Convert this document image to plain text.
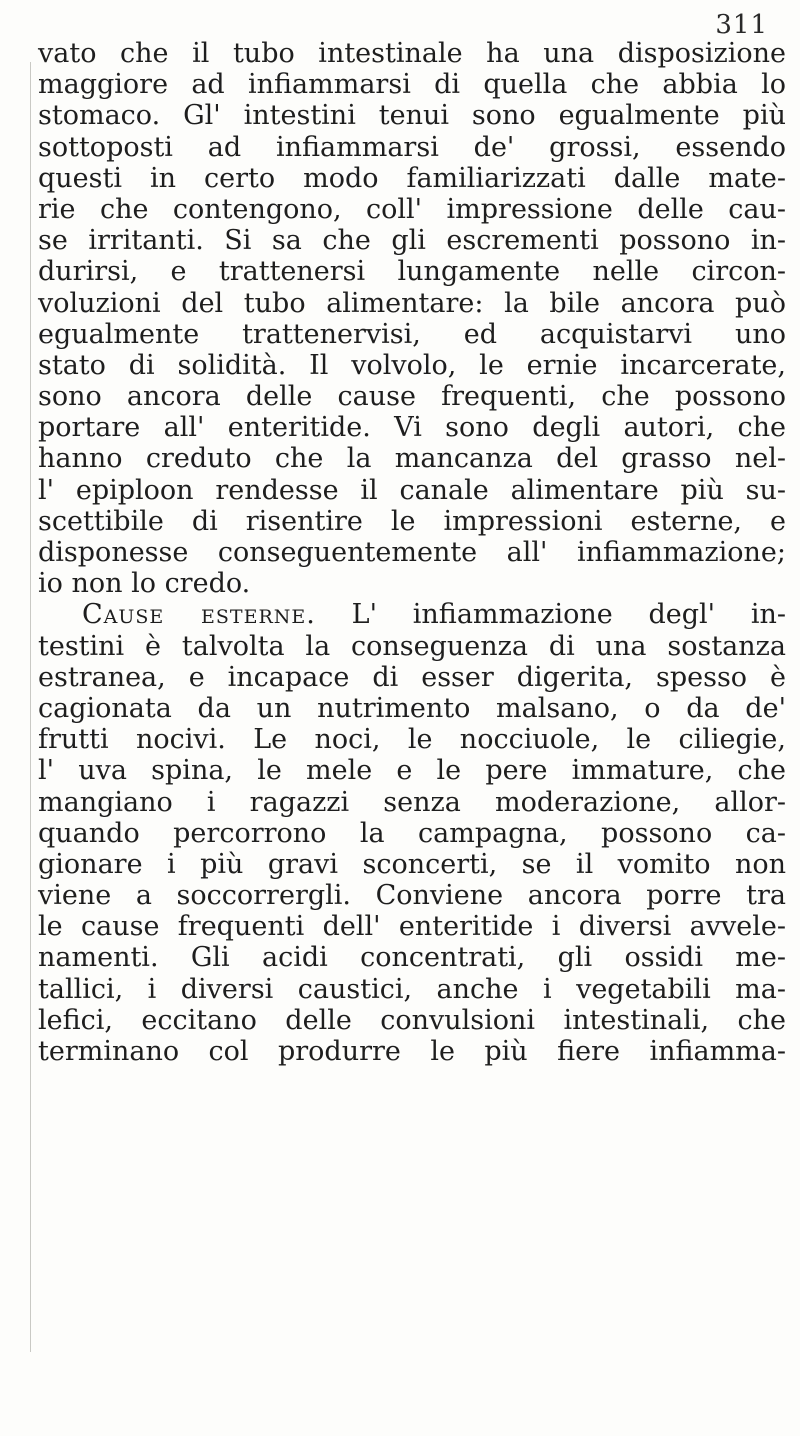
311
vato che il tubo intestinale ha una disposizione
maggiore ad infiammarsi di quella che abbia lo
stomaco. Gl' intestini tenui sono egualmente più
sottoposti ad infiammarsi de' grossi, essendo
questi in certo modo familiarizzati dalle mate-
rie che contengono, coll' impressione delle cau-
se irritanti. Si sa che gli escrementi possono in-
durirsi, e trattenersi lungamente nelle circon-
voluzioni del tubo alimentare: la bile ancora può
egualmente trattenervisi, ed acquistarvi uno
stato di solidità. Il volvolo, le ernie incarcerate,
sono ancora delle cause frequenti, che possono
portare all' enteritide. Vi sono degli autori, che
hanno creduto che la mancanza del grasso nel-
l' epiploon rendesse il canale alimentare più su-
scettibile di risentire le impressioni esterne, e
disponesse conseguentemente all' infiammazione;
io non lo credo.
Cause esterne. L' infiammazione degl' in-
testini è talvolta la conseguenza di una sostanza
estranea, e incapace di esser digerita, spesso è
cagionata da un nutrimento malsano, o da de'
frutti nocivi. Le noci, le nocciuole, le ciliegie,
l' uva spina, le mele e le pere immature, che
mangiano i ragazzi senza moderazione, allor-
quando percorrono la campagna, possono ca-
gionare i più gravi sconcerti, se il vomito non
viene a soccorrergli. Conviene ancora porre tra
le cause frequenti dell' enteritide i diversi avvele-
namenti. Gli acidi concentrati, gli ossidi me-
tallici, i diversi caustici, anche i vegetabili ma-
lefici, eccitano delle convulsioni intestinali, che
terminano col produrre le più fiere infiamma-
